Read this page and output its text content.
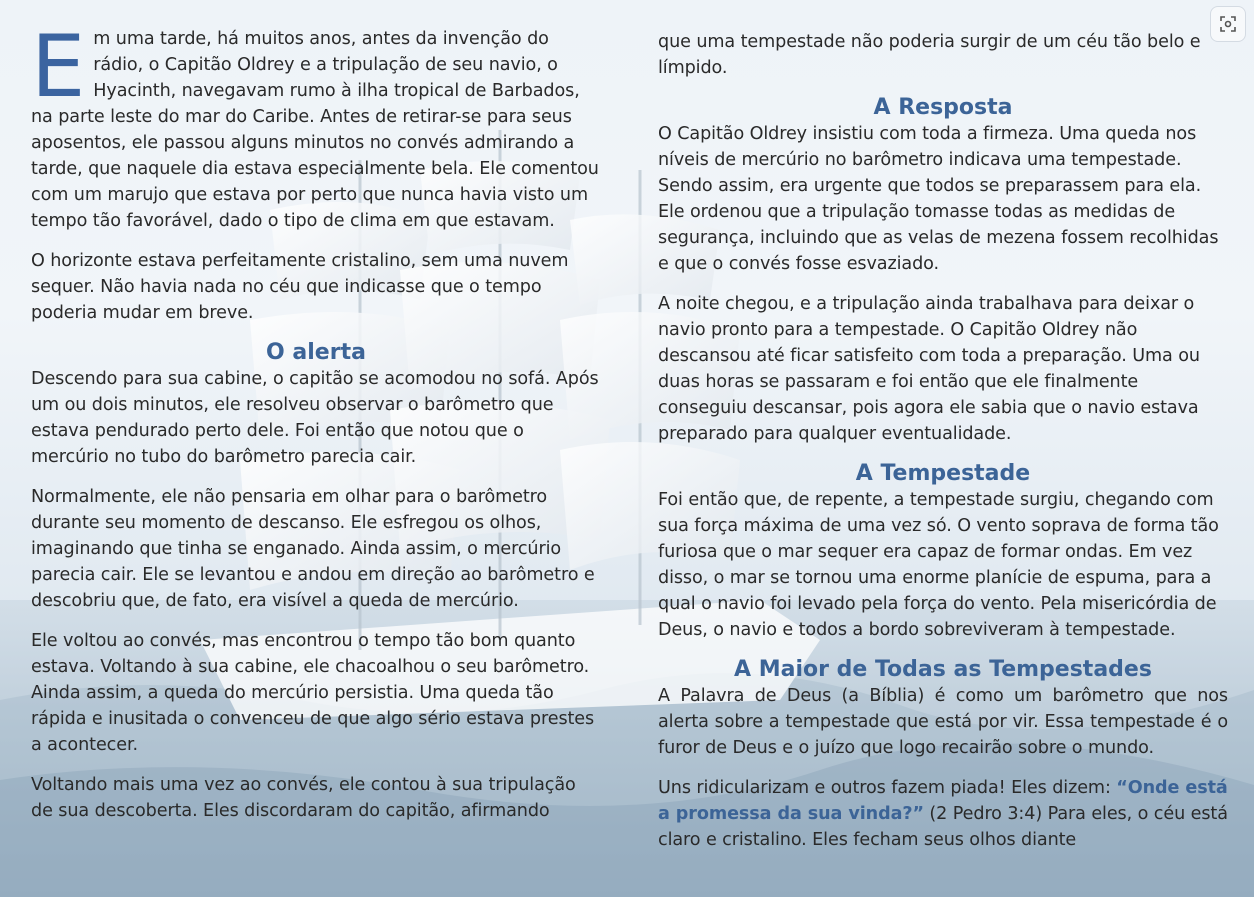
Em uma tarde, há muitos anos, antes da invenção do rádio, o Capitão Oldrey e a tripulação de seu navio, o Hyacinth, navegavam rumo à ilha tropical de Barbados, na parte leste do mar do Caribe. Antes de retirar-se para seus aposentos, ele passou alguns minutos no convés admirando a tarde, que naquele dia estava especialmente bela. Ele comentou com um marujo que estava por perto que nunca havia visto um tempo tão favorável, dado o tipo de clima em que estavam.

O horizonte estava perfeitamente cristalino, sem uma nuvem sequer. Não havia nada no céu que indicasse que o tempo poderia mudar em breve.

O alerta

Descendo para sua cabine, o capitão se acomodou no sofá. Após um ou dois minutos, ele resolveu observar o barômetro que estava pendurado perto dele. Foi então que notou que o mercúrio no tubo do barômetro parecia cair.

Normalmente, ele não pensaria em olhar para o barômetro durante seu momento de descanso. Ele esfregou os olhos, imaginando que tinha se enganado. Ainda assim, o mercúrio parecia cair. Ele se levantou e andou em direção ao barômetro e descobriu que, de fato, era visível a queda de mercúrio.

Ele voltou ao convés, mas encontrou o tempo tão bom quanto estava. Voltando à sua cabine, ele chacoalhou o seu barômetro. Ainda assim, a queda do mercúrio persistia. Uma queda tão rápida e inusitada o convenceu de que algo sério estava prestes a acontecer.

Voltando mais uma vez ao convés, ele contou à sua tripulação de sua descoberta. Eles discordaram do capitão, afirmando

que uma tempestade não poderia surgir de um céu tão belo e límpido.

A Resposta

O Capitão Oldrey insistiu com toda a firmeza. Uma queda nos níveis de mercúrio no barômetro indicava uma tempestade. Sendo assim, era urgente que todos se preparassem para ela. Ele ordenou que a tripulação tomasse todas as medidas de segurança, incluindo que as velas de mezena fossem recolhidas e que o convés fosse esvaziado.

A noite chegou, e a tripulação ainda trabalhava para deixar o navio pronto para a tempestade. O Capitão Oldrey não descansou até ficar satisfeito com toda a preparação. Uma ou duas horas se passaram e foi então que ele finalmente conseguiu descansar, pois agora ele sabia que o navio estava preparado para qualquer eventualidade.

A Tempestade

Foi então que, de repente, a tempestade surgiu, chegando com sua força máxima de uma vez só. O vento soprava de forma tão furiosa que o mar sequer era capaz de formar ondas. Em vez disso, o mar se tornou uma enorme planície de espuma, para a qual o navio foi levado pela força do vento. Pela misericórdia de Deus, o navio e todos a bordo sobreviveram à tempestade.

A Maior de Todas as Tempestades

A Palavra de Deus (a Bíblia) é como um barômetro que nos alerta sobre a tempestade que está por vir. Essa tempestade é o furor de Deus e o juízo que logo recairão sobre o mundo.

Uns ridicularizam e outros fazem piada! Eles dizem: “Onde está a promessa da sua vinda?” (2 Pedro 3:4) Para eles, o céu está claro e cristalino. Eles fecham seus olhos diante
